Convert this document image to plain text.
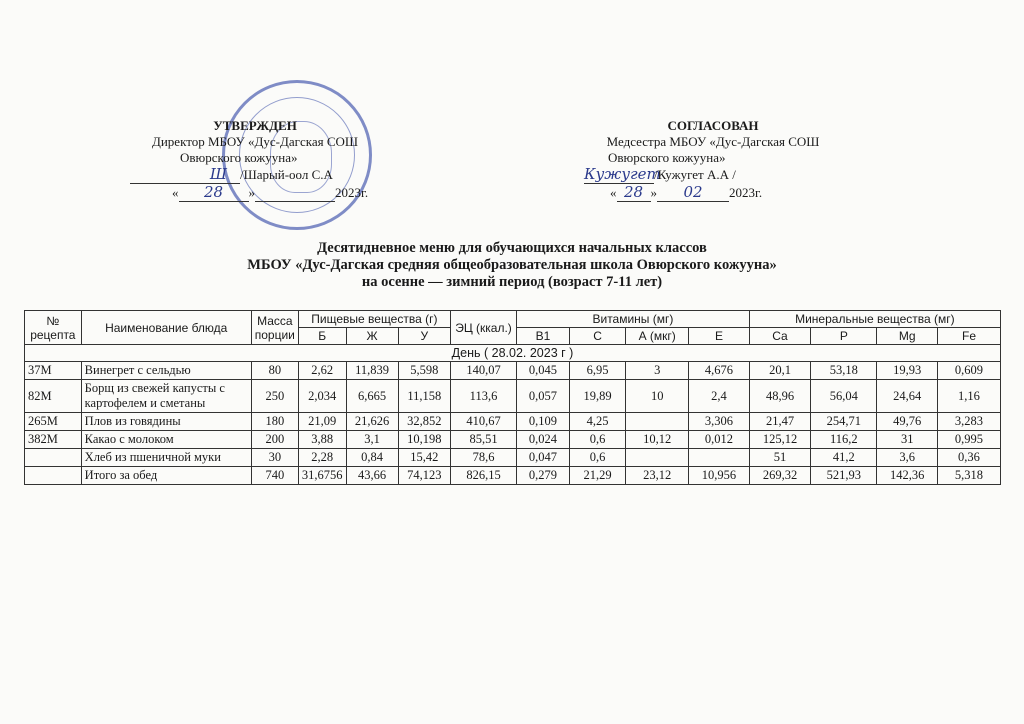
УТВЕРЖДЕН
Директор МБОУ «Дус-Дагская СОШ
Овюрского кожууна»
Ш /Шарый-оол С.А
« 28 »	2023г.
СОГЛАСОВАН
Медсестра МБОУ «Дус-Дагская СОШ
Овюрского кожууна»
Кужугет/Кужугет А.А /
« 28 » 02 2023г.
Десятидневное меню для обучающихся начальных классов
МБОУ «Дус-Дагская средняя общеобразовательная школа Овюрского кожууна»
на осенне — зимний период (возраст 7-11 лет)
№ рецепта	Наименование блюда	Масса порции	Пищевые вещества (г)			ЭЦ (ккал.)	Витамины (мг)				Минеральные вещества (мг)			
			Б	Ж	У		В1	С	А (мкг)	Е	Са	Р	Mg	Fe
День ( 28.02. 2023 г )														
37М	Винегрет с сельдью	80	2,62	11,839	5,598	140,07	0,045	6,95	3	4,676	20,1	53,18	19,93	0,609
82М	Борщ из свежей капусты с картофелем и сметаны	250	2,034	6,665	11,158	113,6	0,057	19,89	10	2,4	48,96	56,04	24,64	1,16
265М	Плов из говядины	180	21,09	21,626	32,852	410,67	0,109	4,25		3,306	21,47	254,71	49,76	3,283
382М	Какао с молоком	200	3,88	3,1	10,198	85,51	0,024	0,6	10,12	0,012	125,12	116,2	31	0,995
	Хлеб из пшеничной муки	30	2,28	0,84	15,42	78,6	0,047	0,6			51	41,2	3,6	0,36
	Итого за обед	740	31,6756	43,66	74,123	826,15	0,279	21,29	23,12	10,956	269,32	521,93	142,36	5,318
